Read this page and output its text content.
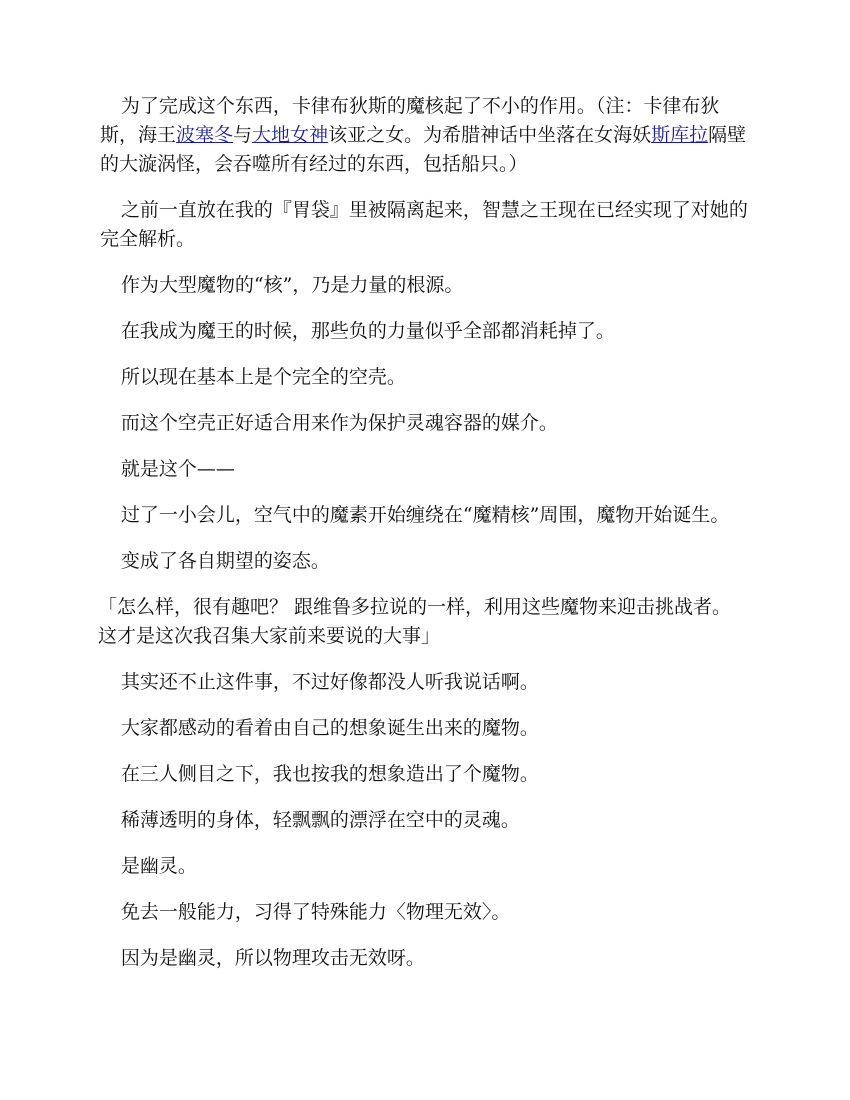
为了完成这个东西，卡律布狄斯的魔核起了不小的作用。（注：卡律布狄斯，海王波塞冬与大地女神该亚之女。为希腊神话中坐落在女海妖斯库拉隔壁的大漩涡怪，会吞噬所有经过的东西，包括船只。）

之前一直放在我的『胃袋』里被隔离起来，智慧之王现在已经实现了对她的完全解析。

作为大型魔物的“核”，乃是力量的根源。

在我成为魔王的时候，那些负的力量似乎全部都消耗掉了。

所以现在基本上是个完全的空壳。

而这个空壳正好适合用来作为保护灵魂容器的媒介。

就是这个——

过了一小会儿，空气中的魔素开始缠绕在“魔精核”周围，魔物开始诞生。

变成了各自期望的姿态。

「怎么样，很有趣吧？ 跟维鲁多拉说的一样，利用这些魔物来迎击挑战者。这才是这次我召集大家前来要说的大事」

其实还不止这件事，不过好像都没人听我说话啊。

大家都感动的看着由自己的想象诞生出来的魔物。

在三人侧目之下，我也按我的想象造出了个魔物。

稀薄透明的身体，轻飘飘的漂浮在空中的灵魂。

是幽灵。

免去一般能力，习得了特殊能力〈物理无效〉。

因为是幽灵，所以物理攻击无效呀。
